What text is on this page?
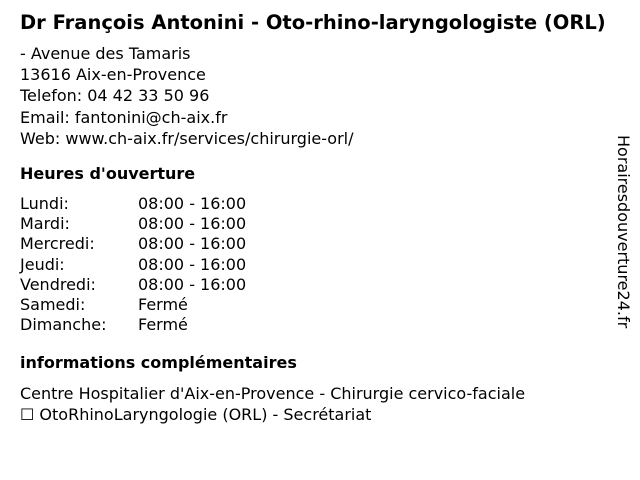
Dr François Antonini - Oto-rhino-laryngologiste (ORL)
- Avenue des Tamaris
13616 Aix-en-Provence
Telefon: 04 42 33 50 96
Email: fantonini@ch-aix.fr
Web: www.ch-aix.fr/services/chirurgie-orl/
Heures d'ouverture
Lundi:	08:00 - 16:00
Mardi:	08:00 - 16:00
Mercredi:	08:00 - 16:00
Jeudi:	08:00 - 16:00
Vendredi:	08:00 - 16:00
Samedi:	Fermé
Dimanche:	Fermé
informations complémentaires
Centre Hospitalier d'Aix-en-Provence - Chirurgie cervico-faciale
☐ OtoRhinoLaryngologie (ORL) - Secrétariat
Horairesdouverture24.fr
